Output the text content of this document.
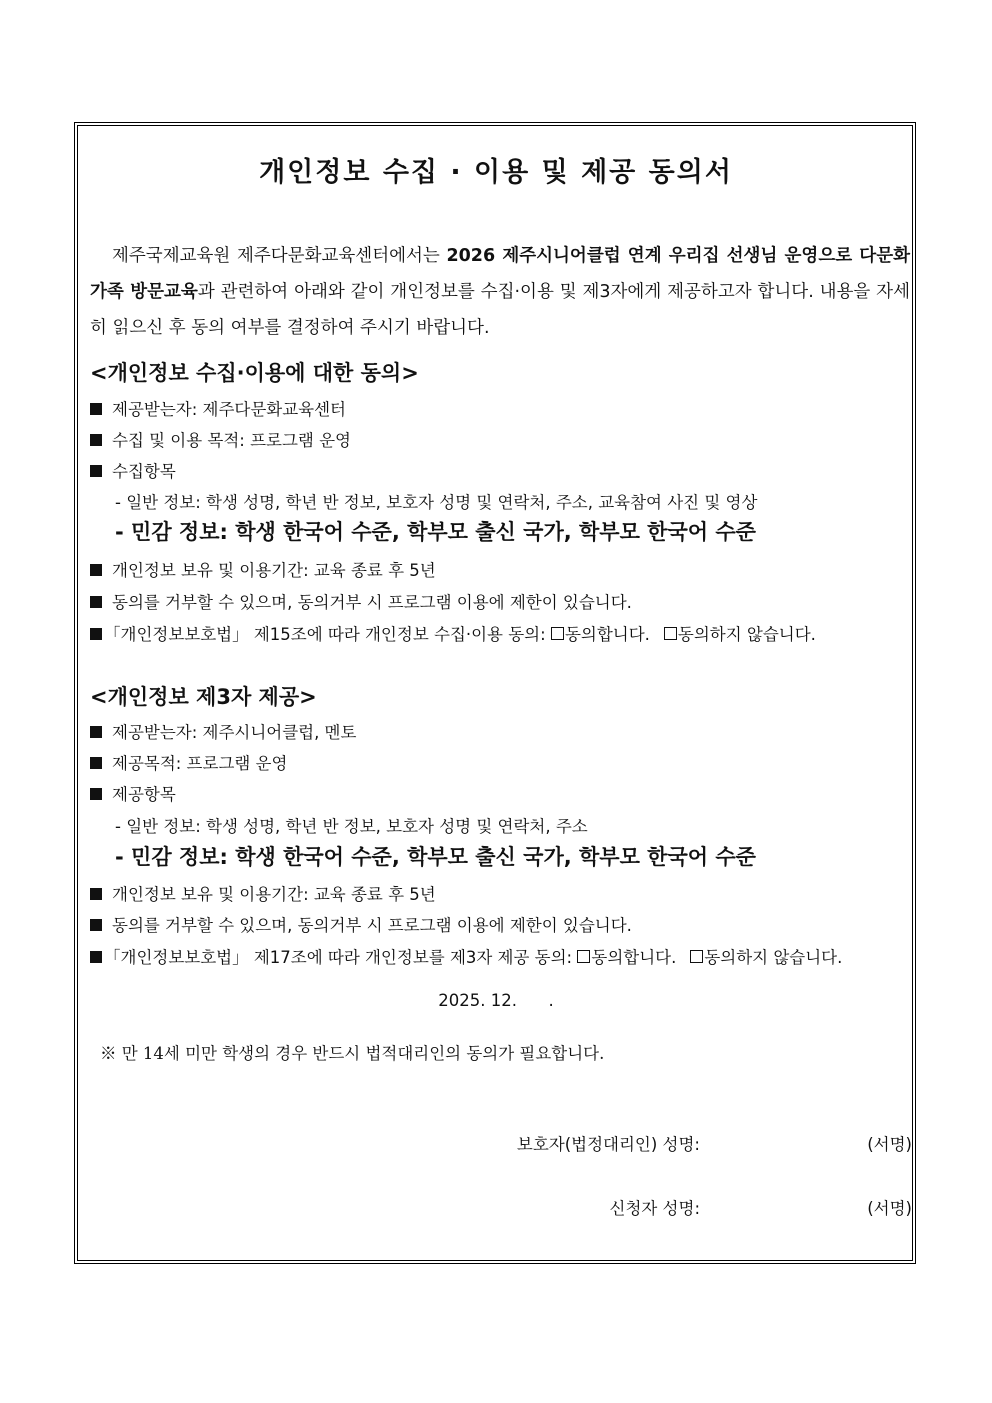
개인정보 수집 · 이용 및 제공 동의서
제주국제교육원 제주다문화교육센터에서는 2026 제주시니어클럽 연계 우리집 선생님 운영으로 다문화가족 방문교육과 관련하여 아래와 같이 개인정보를 수집·이용 및 제3자에게 제공하고자 합니다. 내용을 자세히 읽으신 후 동의 여부를 결정하여 주시기 바랍니다.
<개인정보 수집·이용에 대한 동의>
제공받는자: 제주다문화교육센터
수집 및 이용 목적: 프로그램 운영
수집항목
- 일반 정보: 학생 성명, 학년 반 정보, 보호자 성명 및 연락처, 주소, 교육참여 사진 및 영상
- 민감 정보: 학생 한국어 수준, 학부모 출신 국가, 학부모 한국어 수준
개인정보 보유 및 이용기간: 교육 종료 후 5년
동의를 거부할 수 있으며, 동의거부 시 프로그램 이용에 제한이 있습니다.
「개인정보보호법」 제15조에 따라 개인정보 수집·이용 동의: 동의합니다. 동의하지 않습니다.
<개인정보 제3자 제공>
제공받는자: 제주시니어클럽, 멘토
제공목적: 프로그램 운영
제공항목
- 일반 정보: 학생 성명, 학년 반 정보, 보호자 성명 및 연락처, 주소
- 민감 정보: 학생 한국어 수준, 학부모 출신 국가, 학부모 한국어 수준
개인정보 보유 및 이용기간: 교육 종료 후 5년
동의를 거부할 수 있으며, 동의거부 시 프로그램 이용에 제한이 있습니다.
「개인정보보호법」 제17조에 따라 개인정보를 제3자 제공 동의: 동의합니다. 동의하지 않습니다.
2025. 12.      .
※ 만 14세 미만 학생의 경우 반드시 법적대리인의 동의가 필요합니다.
보호자(법정대리인) 성명:	(서명)
신청자 성명:	(서명)
